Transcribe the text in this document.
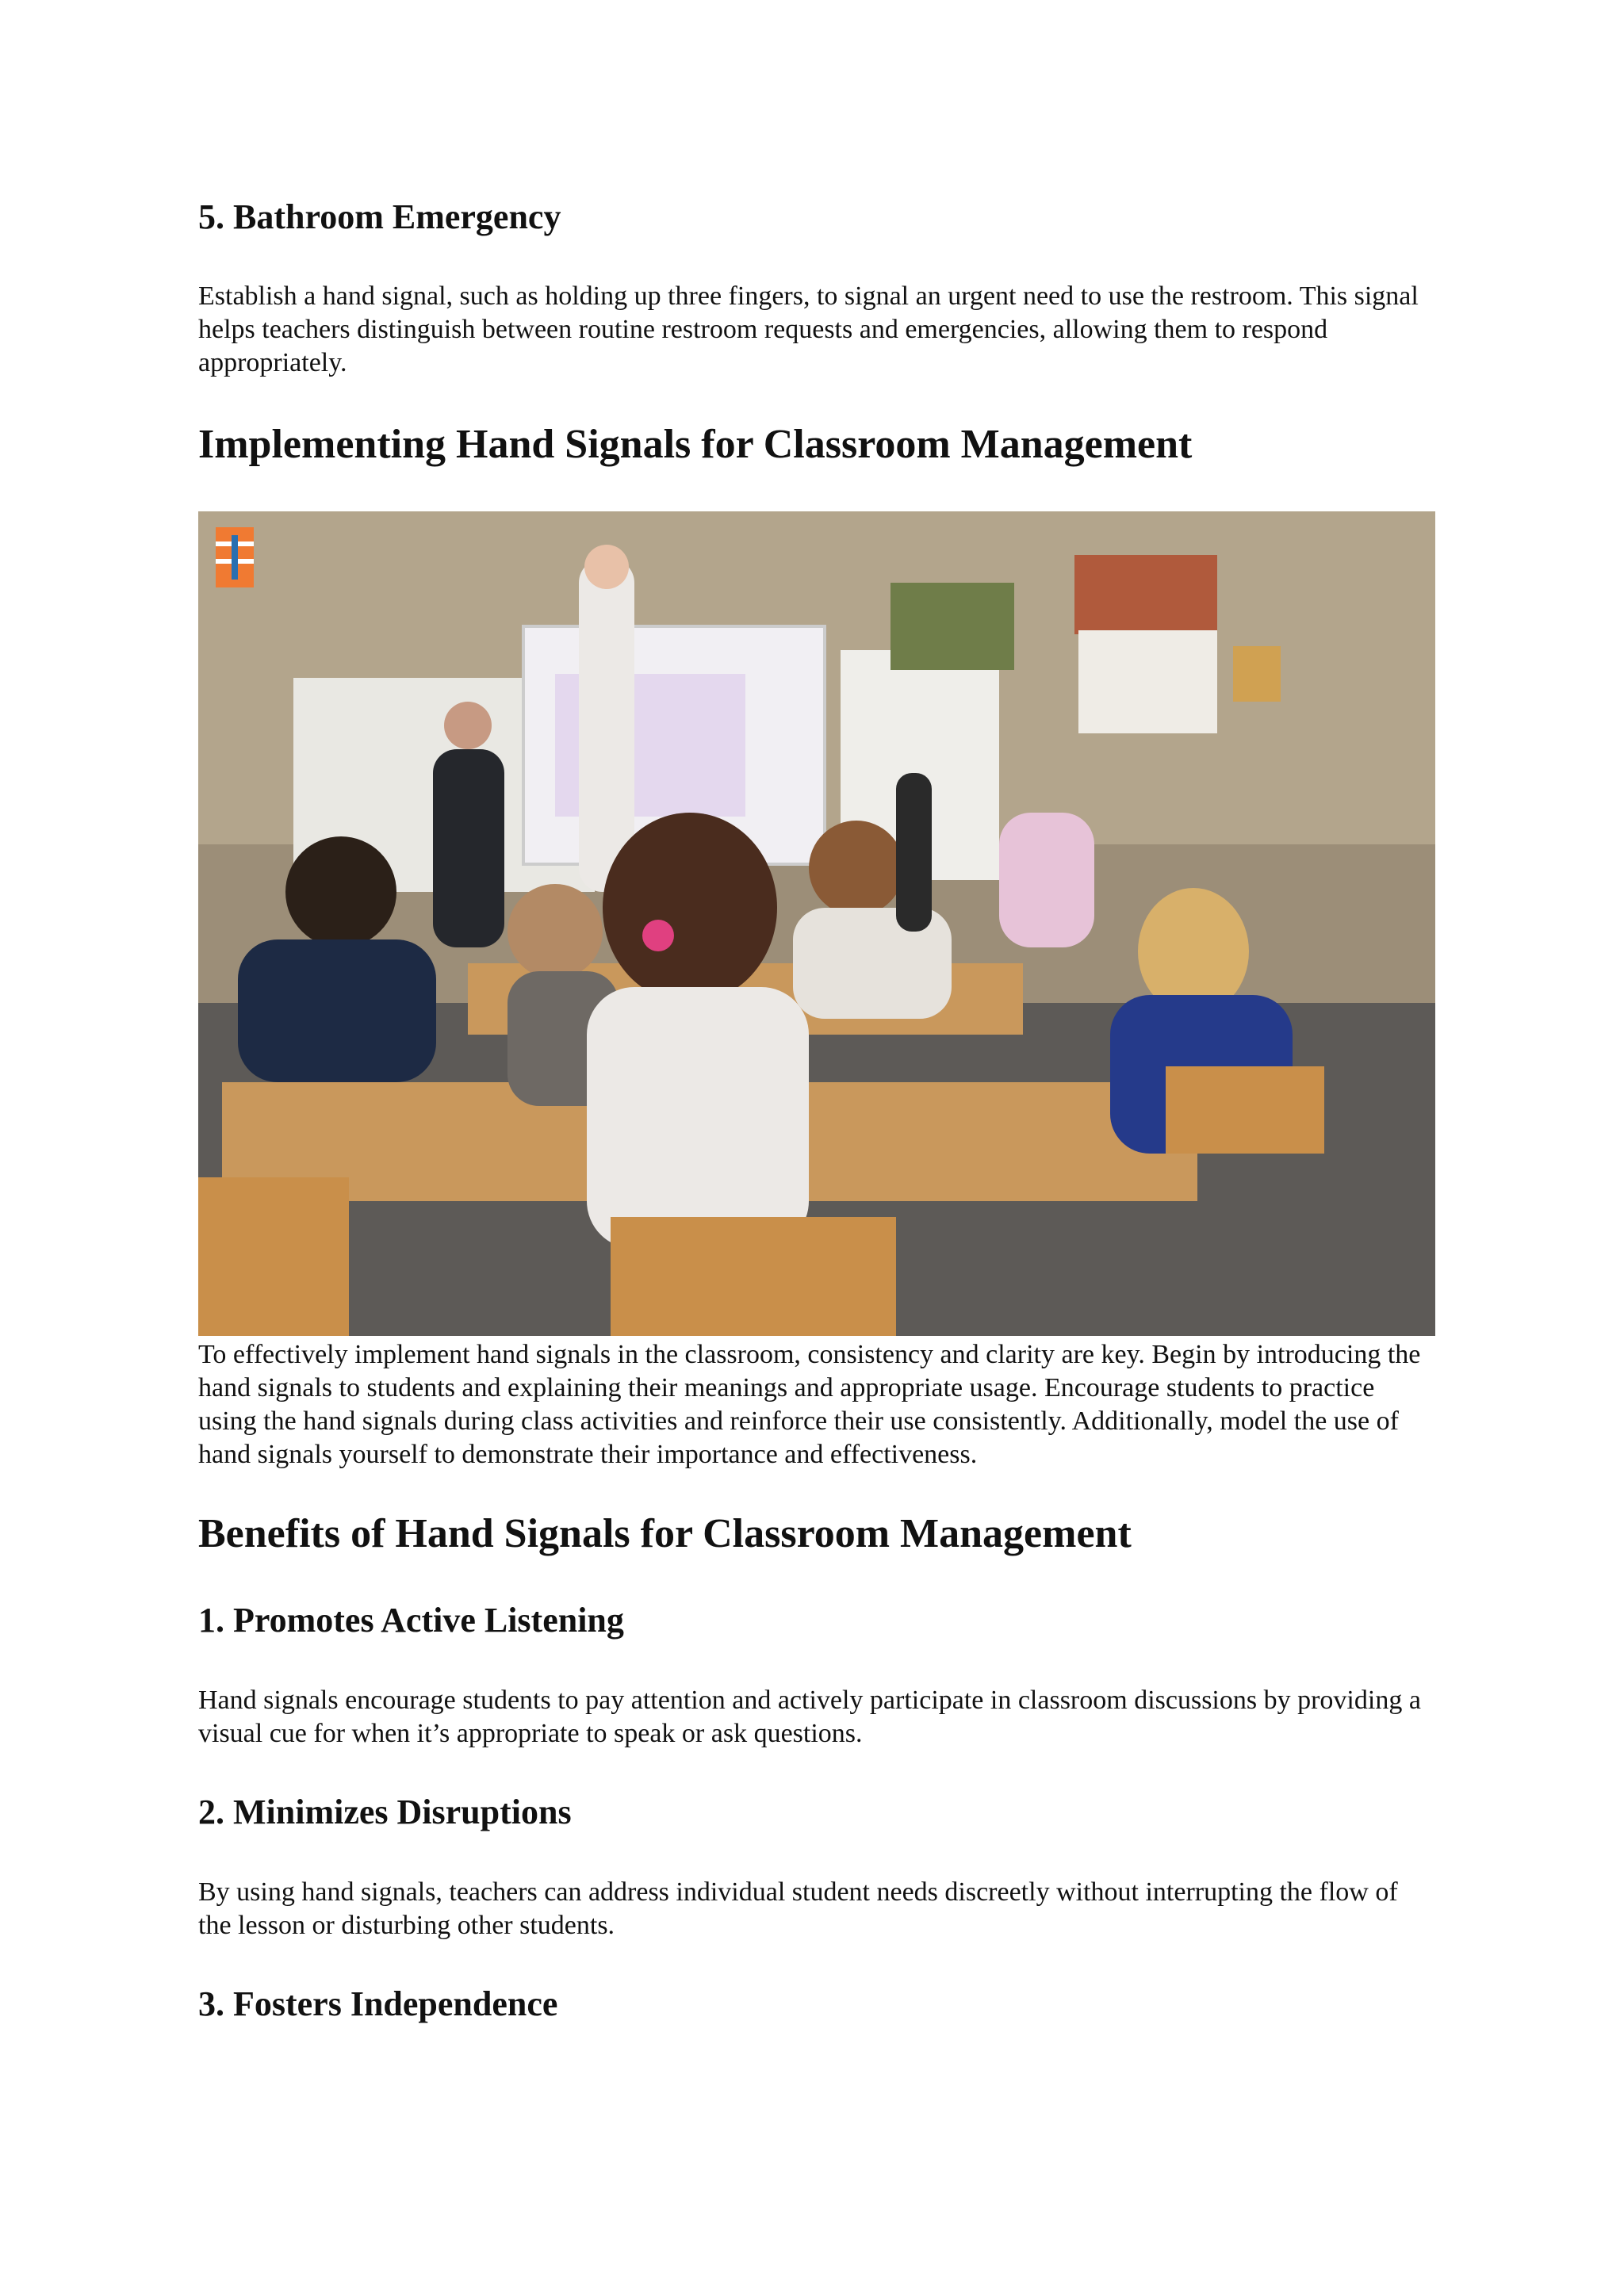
5. Bathroom Emergency

Establish a hand signal, such as holding up three fingers, to signal an urgent need to use the restroom. This signal helps teachers distinguish between routine restroom requests and emergencies, allowing them to respond appropriately.

Implementing Hand Signals for Classroom Management

To effectively implement hand signals in the classroom, consistency and clarity are key. Begin by introducing the hand signals to students and explaining their meanings and appropriate usage. Encourage students to practice using the hand signals during class activities and reinforce their use consistently. Additionally, model the use of hand signals yourself to demonstrate their importance and effectiveness.

Benefits of Hand Signals for Classroom Management
1. Promotes Active Listening

Hand signals encourage students to pay attention and actively participate in classroom discussions by providing a visual cue for when it’s appropriate to speak or ask questions.

2. Minimizes Disruptions

By using hand signals, teachers can address individual student needs discreetly without interrupting the flow of the lesson or disturbing other students.

3. Fosters Independence
